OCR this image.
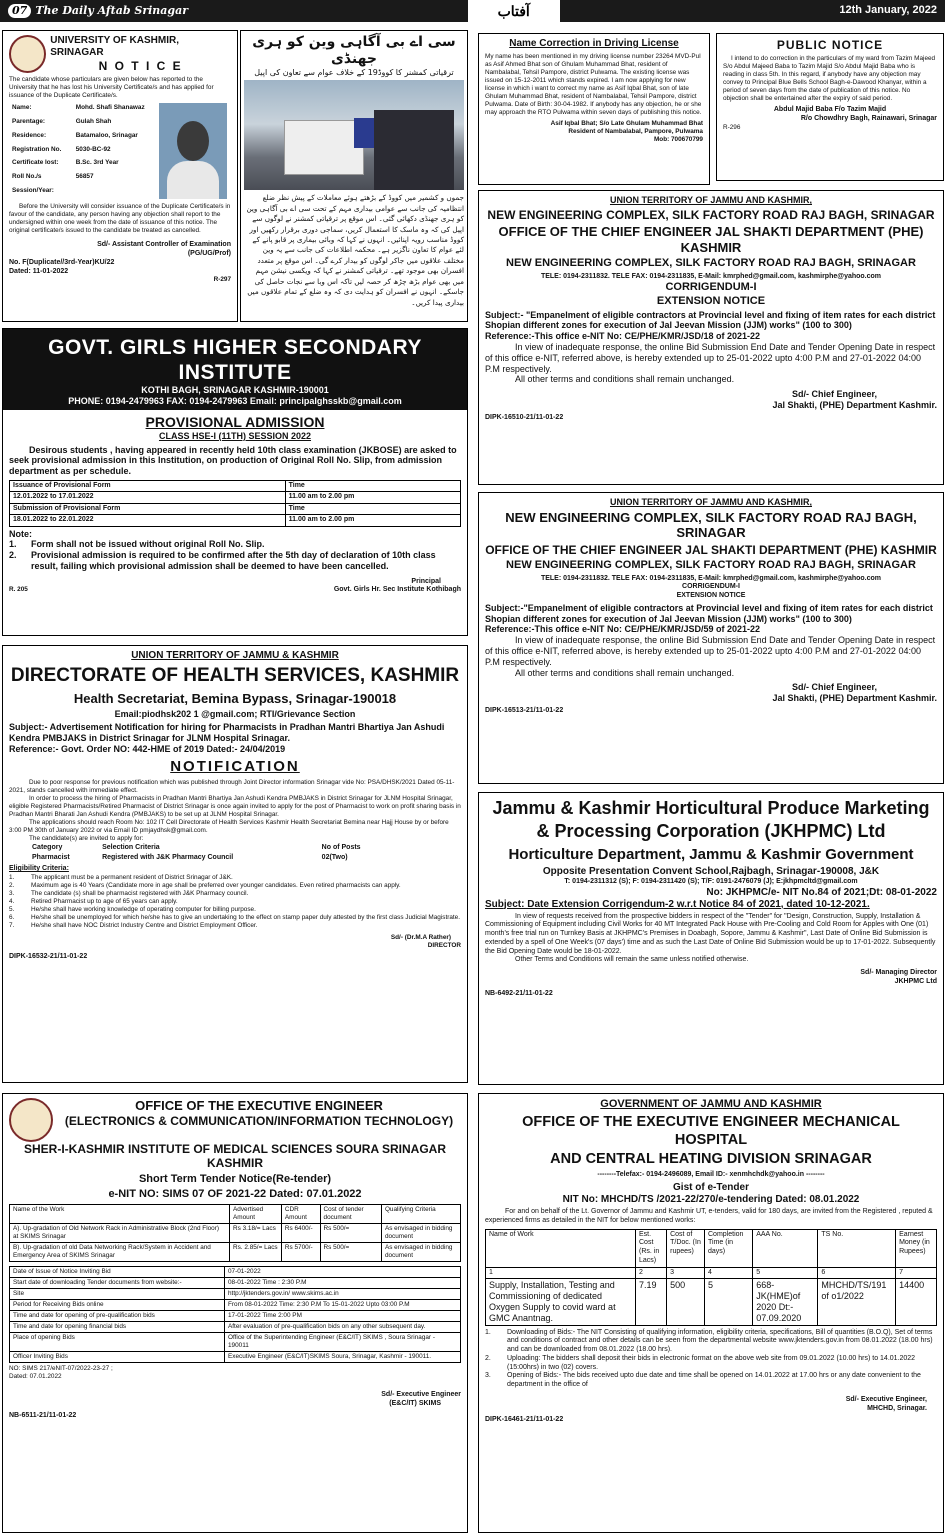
07 The Daily Aftab Srinagar	آفتاب	12th January, 2022
UNIVERSITY OF KASHMIR, SRINAGAR
N O T I C E
The candidate whose particulars are given below has reported to the University that he has lost his University Certificate/s and has applied for issuance of the Duplicate Certificate/s.
Name:	Mohd. Shafi Shanawaz
Parentage:	Gulah Shah
Residence:	Batamaloo, Srinagar
Registration No.	5030-BC-92
Certificate lost:	B.Sc. 3rd Year
Roll No./s	56857
Session/Year:	
Before the University will consider issuance of the Duplicate Certificate/s in favour of the candidate, any person having any objection shall report to the undersigned within one week from the date of issuance of this notice. The original certificate/s issued to the candidate be treated as cancelled.
Sd/- Assistant Controller of Examination
(PG/UG/Prof)
No. F(Duplicate//3rd-Year)KU/22
Dated: 11-01-2022
R-297
سی اے بی آگاہی وین کو ہری جھنڈی
ترقیاتی کمشنر کا کووڈ19 کے خلاف عوام سے تعاون کی اپیل
جموں و کشمیر میں کووڈ کے بڑھتے ہوئے معاملات کے پیش نظر ضلع انتظامیہ کی جانب سے عوامی بیداری مہم کے تحت سی اے بی آگاہی وین کو ہری جھنڈی دکھائی گئی۔ اس موقع پر ترقیاتی کمشنر نے لوگوں سے اپیل کی کہ وہ ماسک کا استعمال کریں، سماجی دوری برقرار رکھیں اور کووڈ مناسب رویہ اپنائیں۔ انہوں نے کہا کہ وبائی بیماری پر قابو پانے کے لئے عوام کا تعاون ناگزیر ہے۔ محکمہ اطلاعات کی جانب سے یہ وین مختلف علاقوں میں جاکر لوگوں کو بیدار کرے گی۔ اس موقع پر متعدد افسران بھی موجود تھے۔ ترقیاتی کمشنر نے کہا کہ ویکسی نیشن مہم میں بھی عوام بڑھ چڑھ کر حصہ لیں تاکہ اس وبا سے نجات حاصل کی جاسکے۔ انہوں نے افسران کو ہدایت دی کہ وہ ضلع کے تمام علاقوں میں بیداری پیدا کریں۔
Name Correction in Driving License
My name has been mentioned in my driving license number 23264 MVD-Pul as Asif Ahmed Bhat son of Ghulam Muhammad Bhat, resident of Nambalabal, Tehsil Pampore, district Pulwama. The existing license was issued on 15-12-2011 which stands expired. I am now applying for new license in which i want to correct my name as Asif Iqbal Bhat, son of late Ghulam Muhammad Bhat, resident of Nambalabal, Tehsil Pampore, district Pulwama. Date of Birth: 30-04-1982. If anybody has any objection, he or she may approach the RTO Pulwama within seven days of publishing this notice.
Asif Iqbal Bhat; S/o Late Ghulam Muhammad Bhat
Resident of Nambalabal, Pampore, Pulwama
Mob: 700670799
PUBLIC NOTICE
I intend to do correction in the particulars of my ward from Tazim Majeed S/o Abdul Majeed Baba to Tazim Majid S/o Abdul Majid Baba who is reading in class 5th. In this regard, if anybody have any objection may convey to Principal Blue Bells School Bagh-e-Dawood Khanyar, within a period of seven days from the date of publication of this notice. No objection shall be entertained after the expiry of said period.
Abdul Majid Baba F/o Tazim Majid
R/o Chowdhry Bagh, Rainawari, Srinagar
R-296
UNION TERRITORY OF JAMMU AND KASHMIR,
NEW ENGINEERING COMPLEX, SILK FACTORY ROAD RAJ BAGH, SRINAGAR
OFFICE OF THE CHIEF ENGINEER JAL SHAKTI DEPARTMENT (PHE) KASHMIR
NEW ENGINEERING COMPLEX, SILK FACTORY ROAD RAJ BAGH, SRINAGAR
TELE: 0194-2311832. TELE FAX: 0194-2311835, E-Mail: kmrphed@gmail.com, kashmirphe@yahoo.com
CORRIGENDUM-I
EXTENSION NOTICE
Subject:- "Empanelment of eligible contractors at Provincial level and fixing of item rates for each district Shopian different zones for execution of Jal Jeevan Mission (JJM) works" (100 to 300)
Reference:-This office e-NIT No: CE/PHE/KMR/JSD/18 of 2021-22
In view of inadequate response, the online Bid Submission End Date and Tender Opening Date in respect of this office e-NIT, referred above, is hereby extended up to 25-01-2022 upto 4:00 P.M and 27-01-2022 04:00 P.M respectively.
All other terms and conditions shall remain unchanged.
Sd/- Chief Engineer,
Jal Shakti, (PHE) Department Kashmir.
DIPK-16510-21/11-01-22
GOVT. GIRLS HIGHER SECONDARY INSTITUTE
KOTHI BAGH, SRINAGAR KASHMIR-190001
PHONE: 0194-2479963 FAX: 0194-2479963 Email: principalghsskb@gmail.com
PROVISIONAL ADMISSION
CLASS HSE-I (11TH) SESSION 2022
Desirous students , having appeared in recently held 10th class examination (JKBOSE) are asked to seek provisional admission in this Institution, on production of Original Roll No. Slip, from admission department as per schedule.
Issuance of Provisional Form	Time
12.01.2022 to 17.01.2022	11.00 am to 2.00 pm
Submission of Provisional Form	Time
18.01.2022 to 22.01.2022	11.00 am to 2.00 pm
Note:
1.	Form shall not be issued without original Roll No. Slip.
2.	Provisional admission is required to be confirmed after the 5th day of declaration of 10th class result, failing which provisional admission shall be deemed to have been cancelled.
Principal
R. 205	Govt. Girls Hr. Sec Institute Kothibagh
UNION TERRITORY OF JAMMU AND KASHMIR,
NEW ENGINEERING COMPLEX, SILK FACTORY ROAD RAJ BAGH, SRINAGAR
OFFICE OF THE CHIEF ENGINEER JAL SHAKTI DEPARTMENT (PHE) KASHMIR
NEW ENGINEERING COMPLEX, SILK FACTORY ROAD RAJ BAGH, SRINAGAR
TELE: 0194-2311832. TELE FAX: 0194-2311835, E-Mail: kmrphed@gmail.com, kashmirphe@yahoo.com
CORRIGENDUM-I
EXTENSION NOTICE
Subject:-"Empanelment of eligible contractors at Provincial level and fixing of item rates for each district Shopian different zones for execution of Jal Jeevan Mission (JJM) works" (100 to 300)
Reference:-This office e-NIT No: CE/PHE/KMR/JSD/59 of 2021-22
In view of inadequate response, the online Bid Submission End Date and Tender Opening Date in respect of this office e-NIT, referred above, is hereby extended up to 25-01-2022 upto 4:00 P.M and 27-01-2022 04:00 P.M respectively.
All other terms and conditions shall remain unchanged.
Sd/- Chief Engineer,
Jal Shakti, (PHE) Department Kashmir.
DIPK-16513-21/11-01-22
UNION TERRITORY OF JAMMU & KASHMIR
DIRECTORATE OF HEALTH SERVICES, KASHMIR
Health Secretariat, Bemina Bypass, Srinagar-190018
Email:piodhsk202 1 @gmail.com; RTI/Grievance Section
Subject:- Advertisement Notification for hiring for Pharmacists in Pradhan Mantri Bhartiya Jan Ashudi Kendra PMBJAKS in District Srinagar for JLNM Hospital Srinagar.
Reference:- Govt. Order NO: 442-HME of 2019 Dated:- 24/04/2019
NOTIFICATION
Due to poor response for previous notification which was published through Joint Director information Srinagar vide No: PSA/DHSK/2021 Dated 05-11-2021, stands cancelled with immediate effect.
In order to process the hiring of Pharmacists in Pradhan Mantri Bhartiya Jan Ashudi Kendra PMBJAKS in District Srinagar for JLNM Hospital Srinagar, eligible Registered Pharmacists/Retired Pharmacist of District Srinagar is once again invited to apply for the post of Pharmacist to work on profit sharing basis in Pradhan Mantri Bharati Jan Ashudi Kendra (PMBJAKS) to be set up at JLNM Hospital Srinagar.
The applications should reach Room No: 102 IT Cell Directorate of Health Services Kashmir Health Secretariat Bemina near Hajj House by or before 3:00 PM 30th of January 2022 or via Email ID pmjaydhsk@gmail.com.
The candidate(s) are invited to apply for:
Category	Selection Criteria	No of Posts
Pharmacist	Registered with J&K Pharmacy Council	02(Two)
Eligibility Criteria:
1.	The applicant must be a permanent resident of District Srinagar of J&K.
2.	Maximum age is 40 Years (Candidate more in age shall be preferred over younger candidates. Even retired pharmacists can apply.
3.	The candidate (s) shall be pharmacist registered with J&K Pharmacy council.
4.	Retired Pharmacist up to age of 65 years can apply.
5.	He/she shall have working knowledge of operating computer for billing purpose.
6.	He/she shall be unemployed for which he/she has to give an undertaking to the effect on stamp paper duly attested by the first class Judicial Magistrate.
7.	He/she shall have NOC District Industry Centre and District Employment Officer.
Sd/- (Dr.M.A Rather)
DIRECTOR
DIPK-16532-21/11-01-22
Jammu & Kashmir Horticultural Produce Marketing & Processing Corporation (JKHPMC) Ltd
Horticulture Department, Jammu & Kashmir Government
Opposite Presentation Convent School,Rajbagh, Srinagar-190008, J&K
T: 0194-2311312 (S); F: 0194-2311420 (S); T/F: 0191-2476079 (J); E:jkhpmcltd@gmail.com
No: JKHPMC/e- NIT No.84 of 2021;Dt: 08-01-2022
Subject: Date Extension Corrigendum-2 w.r.t Notice 84 of 2021, dated 10-12-2021.
In view of requests received from the prospective bidders in respect of the "Tender" for "Design, Construction, Supply, Installation & Commissioning of Equipment including Civil Works for 40 MT Integrated Pack House with Pre-Cooling and Cold Room for Apples with One (01) month's free trial run on Turnkey Basis at JKHPMC's Premises in Doabagh, Sopore, Jammu & Kashmir", Last Date of Online Bid Submission is extended by a spell of One Week's (07 days') time and as such the Last Date of Online Bid Submission would be up to 17-01-2022. Subsequently the Bid Opening Date would be 18-01-2022.
Other Terms and Conditions will remain the same unless notified otherwise.
Sd/- Managing Director
JKHPMC Ltd
NB-6492-21/11-01-22
OFFICE OF THE EXECUTIVE ENGINEER
(ELECTRONICS & COMMUNICATION/INFORMATION TECHNOLOGY)
SHER-I-KASHMIR INSTITUTE OF MEDICAL SCIENCES SOURA SRINAGAR KASHMIR
Short Term Tender Notice(Re-tender)
e-NIT NO: SIMS 07 OF 2021-22 Dated: 07.01.2022
Name of the Work	Advertised Amount	CDR Amount	Cost of tender document	Qualifying Criteria
A). Up-gradation of Old Network Rack in Administrative Block (2nd Floor) at SKIMS Srinagar	Rs 3.18/= Lacs	Rs 6400/-	Rs 500/=	As envisaged in bidding document
B). Up-gradation of old Data Networking Rack/System in Accident and Emergency Area of SKIMS Srinagar	Rs. 2.85/= Lacs	Rs 5700/-	Rs 500/=	As envisaged in bidding document
Date of Issue of Notice Inviting Bid	07-01-2022
Start date of downloading Tender documents from website:-	08-01-2022 Time : 2:30 P.M
Site	http://jktenders.gov.in/ www.skims.ac.in
Period for Receiving Bids online	From 08-01-2022 Time: 2:30 P.M To 15-01-2022 Upto 03:00 P.M
Time and date for opening of pre-qualification bids	17-01-2022 Time 2:00 PM
Time and date for opening financial bids	After evaluation of pre-qualification bids on any other subsequent day.
Place of opening Bids	Office of the Superintending Engineer (E&C/IT) SKIMS , Soura Srinagar - 190011
Officer Inviting Bids	Executive Engineer (E&C/IT)SKIMS Soura, Srinagar, Kashmir - 190011.
NO: SIMS 217/eNIT-07/2022-23-27 ;
Dated: 07.01.2022
Sd/- Executive Engineer
(E&C/IT) SKIMS
NB-6511-21/11-01-22
GOVERNMENT OF JAMMU AND KASHMIR
OFFICE OF THE EXECUTIVE ENGINEER MECHANICAL HOSPITAL
AND CENTRAL HEATING DIVISION SRINAGAR
--------Telefax:- 0194-2496089, Email ID:- xenmhchdk@yahoo.in --------
Gist of e-Tender
NIT No: MHCHD/TS /2021-22/270/e-tendering Dated: 08.01.2022
For and on behalf of the Lt. Governor of Jammu and Kashmir UT, e-tenders, valid for 180 days, are invited from the Registered , reputed & experienced firms as detailed in the NIT for below mentioned works:
Name of Work	Est. Cost (Rs. in Lacs)	Cost of T/Doc. (In rupees)	Completion Time (in days)	AAA No.	TS No.	Earnest Money (in Rupees)
1	2	3	4	5	6	7
Supply, Installation, Testing and Commissioning of dedicated Oxygen Supply to covid ward at GMC Anantnag.	7.19	500	5	668-JK(HME)of 2020 Dt:- 07.09.2020	MHCHD/TS/191 of o1/2022	14400
1.	Downloading of Bids:- The NIT Consisting of qualifying information, eligibility criteria, specifications, Bill of quantities (B.O.Q), Set of terms and conditions of contract and other details can be seen from the departmental website www.jktenders.gov.in from 08.01.2022 (18.00 hrs) and can be downloaded from 08.01.2022 (18.00 hrs).
2.	Uploading: The bidders shall deposit their bids in electronic format on the above web site from 09.01.2022 (10.00 hrs) to 14.01.2022 (15:00hrs) in two (02) covers.
3.	Opening of Bids:- The bids received upto due date and time shall be opened on 14.01.2022 at 17.00 hrs or any date convenient to the department in the office of
Sd/- Executive Engineer,
MHCHD, Srinagar.
DIPK-16461-21/11-01-22
